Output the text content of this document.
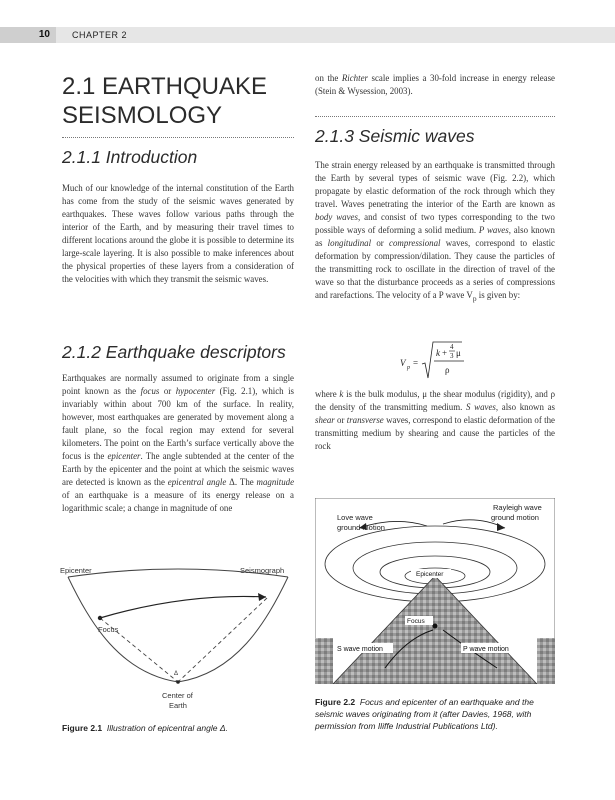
10	CHAPTER 2

2.1 EARTHQUAKE

SEISMOLOGY

2.1.1 Introduction

Much of our knowledge of the internal constitution of the Earth has come from the study of the seismic waves generated by earthquakes. These waves follow various paths through the interior of the Earth, and by measuring their travel times to different locations around the globe it is possible to determine its large-scale layering. It is also possible to make inferences about the physical properties of these layers from a consideration of the velocities with which they transmit the seismic waves.

2.1.2 Earthquake descriptors

Earthquakes are normally assumed to originate from a single point known as the focus or hypocenter (Fig. 2.1), which is invariably within about 700 km of the surface. In reality, however, most earthquakes are generated by movement along a fault plane, so the focal region may extend for several kilometers. The point on the Earth’s surface vertically above the focus is the epicenter. The angle subtended at the center of the Earth by the epicenter and the point at which the seismic waves are detected is known as the epicentral angle Δ. The magnitude of an earthquake is a measure of its energy release on a logarithmic scale; a change in magnitude of one

Epicenter	Seismograph
Focus
Δ
Center of
Earth
Figure 2.1 Illustration of epicentral angle Δ.

on the Richter scale implies a 30-fold increase in energy release (Stein & Wysession, 2003).

2.1.3 Seismic waves

The strain energy released by an earthquake is transmitted through the Earth by several types of seismic wave (Fig. 2.2), which propagate by elastic deformation of the rock through which they travel. Waves penetrating the interior of the Earth are known as body waves, and consist of two types corresponding to the two possible ways of deforming a solid medium. P waves, also known as longitudinal or compressional waves, correspond to elastic deformation by compression/dilation. They cause the particles of the transmitting rock to oscillate in the direction of travel of the wave so that the disturbance proceeds as a series of compressions and rarefactions. The velocity of a P wave $V_p$ is given by:

V p =
k +
4
3 μ
ρ

where k is the bulk modulus, μ the shear modulus (rigidity), and ρ the density of the transmitting medium. S waves, also known as shear or transverse waves, correspond to elastic deformation of the transmitting medium by shearing and cause the particles of the rock

Epicenter
Focus
S wave motion	P wave motion
Love wave
ground motion
Rayleigh wave
ground motion
Figure 2.2 Focus and epicenter of an earthquake and the seismic waves originating from it (after Davies, 1968, with permission from Iliffe Industrial Publications Ltd).
